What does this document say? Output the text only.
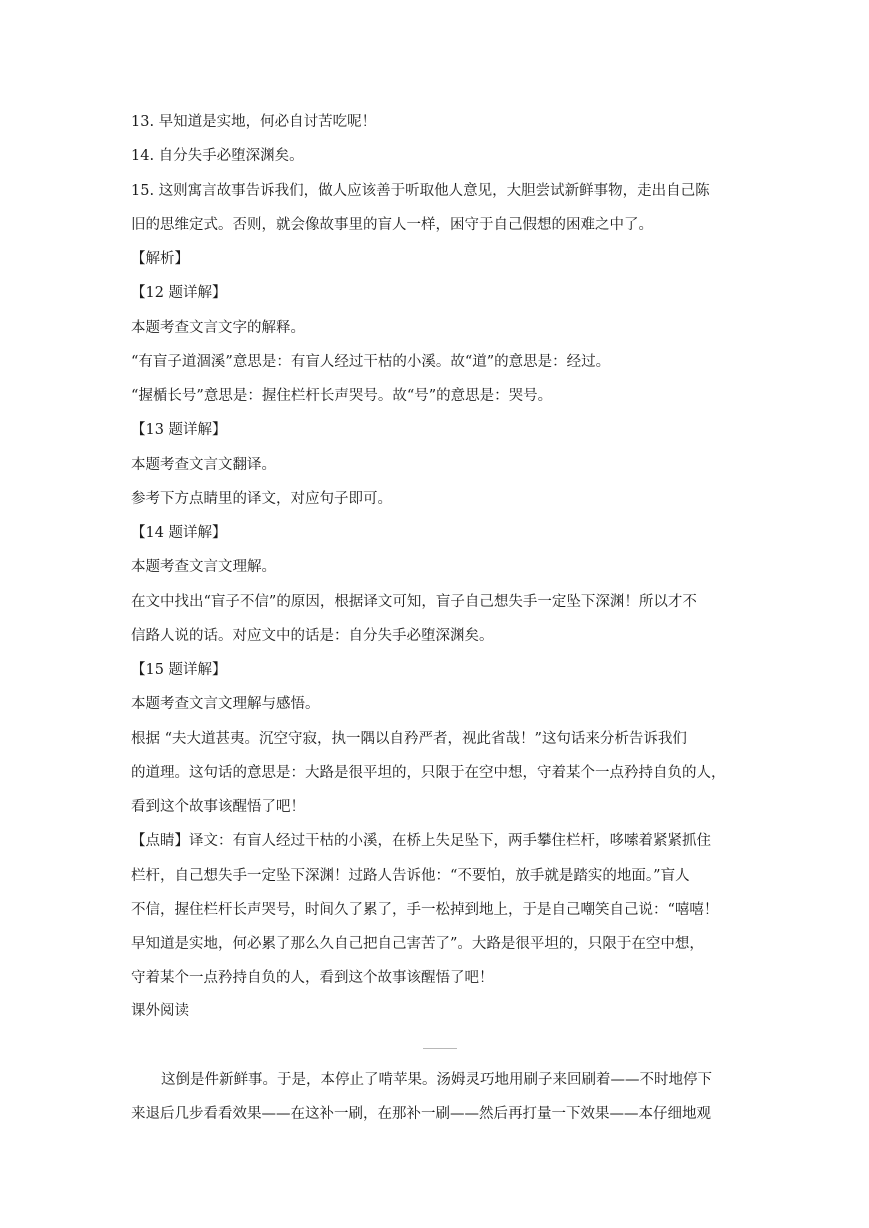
13. 早知道是实地，何必自讨苦吃呢！
14. 自分失手必堕深渊矣。
15. 这则寓言故事告诉我们，做人应该善于听取他人意见，大胆尝试新鲜事物，走出自己陈
旧的思维定式。否则，就会像故事里的盲人一样，困守于自己假想的困难之中了。
【解析】
【12 题详解】
本题考查文言文字的解释。
“有盲子道涸溪”意思是：有盲人经过干枯的小溪。故“道”的意思是：经过。
“握楯长号”意思是：握住栏杆长声哭号。故“号”的意思是：哭号。
【13 题详解】
本题考查文言文翻译。
参考下方点睛里的译文，对应句子即可。
【14 题详解】
本题考查文言文理解。
在文中找出“盲子不信”的原因，根据译文可知，盲子自己想失手一定坠下深渊！所以才不
信路人说的话。对应文中的话是：自分失手必堕深渊矣。
【15 题详解】
本题考查文言文理解与感悟。
根据 “夫大道甚夷。沉空守寂，执一隅以自矜严者，视此省哉！”这句话来分析告诉我们
的道理。这句话的意思是：大路是很平坦的，只限于在空中想，守着某个一点矜持自负的人，
看到这个故事该醒悟了吧！
【点睛】译文：有盲人经过干枯的小溪，在桥上失足坠下，两手攀住栏杆，哆嗦着紧紧抓住
栏杆，自己想失手一定坠下深渊！过路人告诉他：“不要怕，放手就是踏实的地面。”盲人
不信，握住栏杆长声哭号，时间久了累了，手一松掉到地上，于是自己嘲笑自己说：“嘻嘻！
早知道是实地，何必累了那么久自己把自己害苦了”。大路是很平坦的，只限于在空中想，
守着某个一点矜持自负的人，看到这个故事该醒悟了吧！
课外阅读
这倒是件新鲜事。于是，本停止了啃苹果。汤姆灵巧地用刷子来回刷着——不时地停下
来退后几步看看效果——在这补一刷，在那补一刷——然后再打量一下效果——本仔细地观
